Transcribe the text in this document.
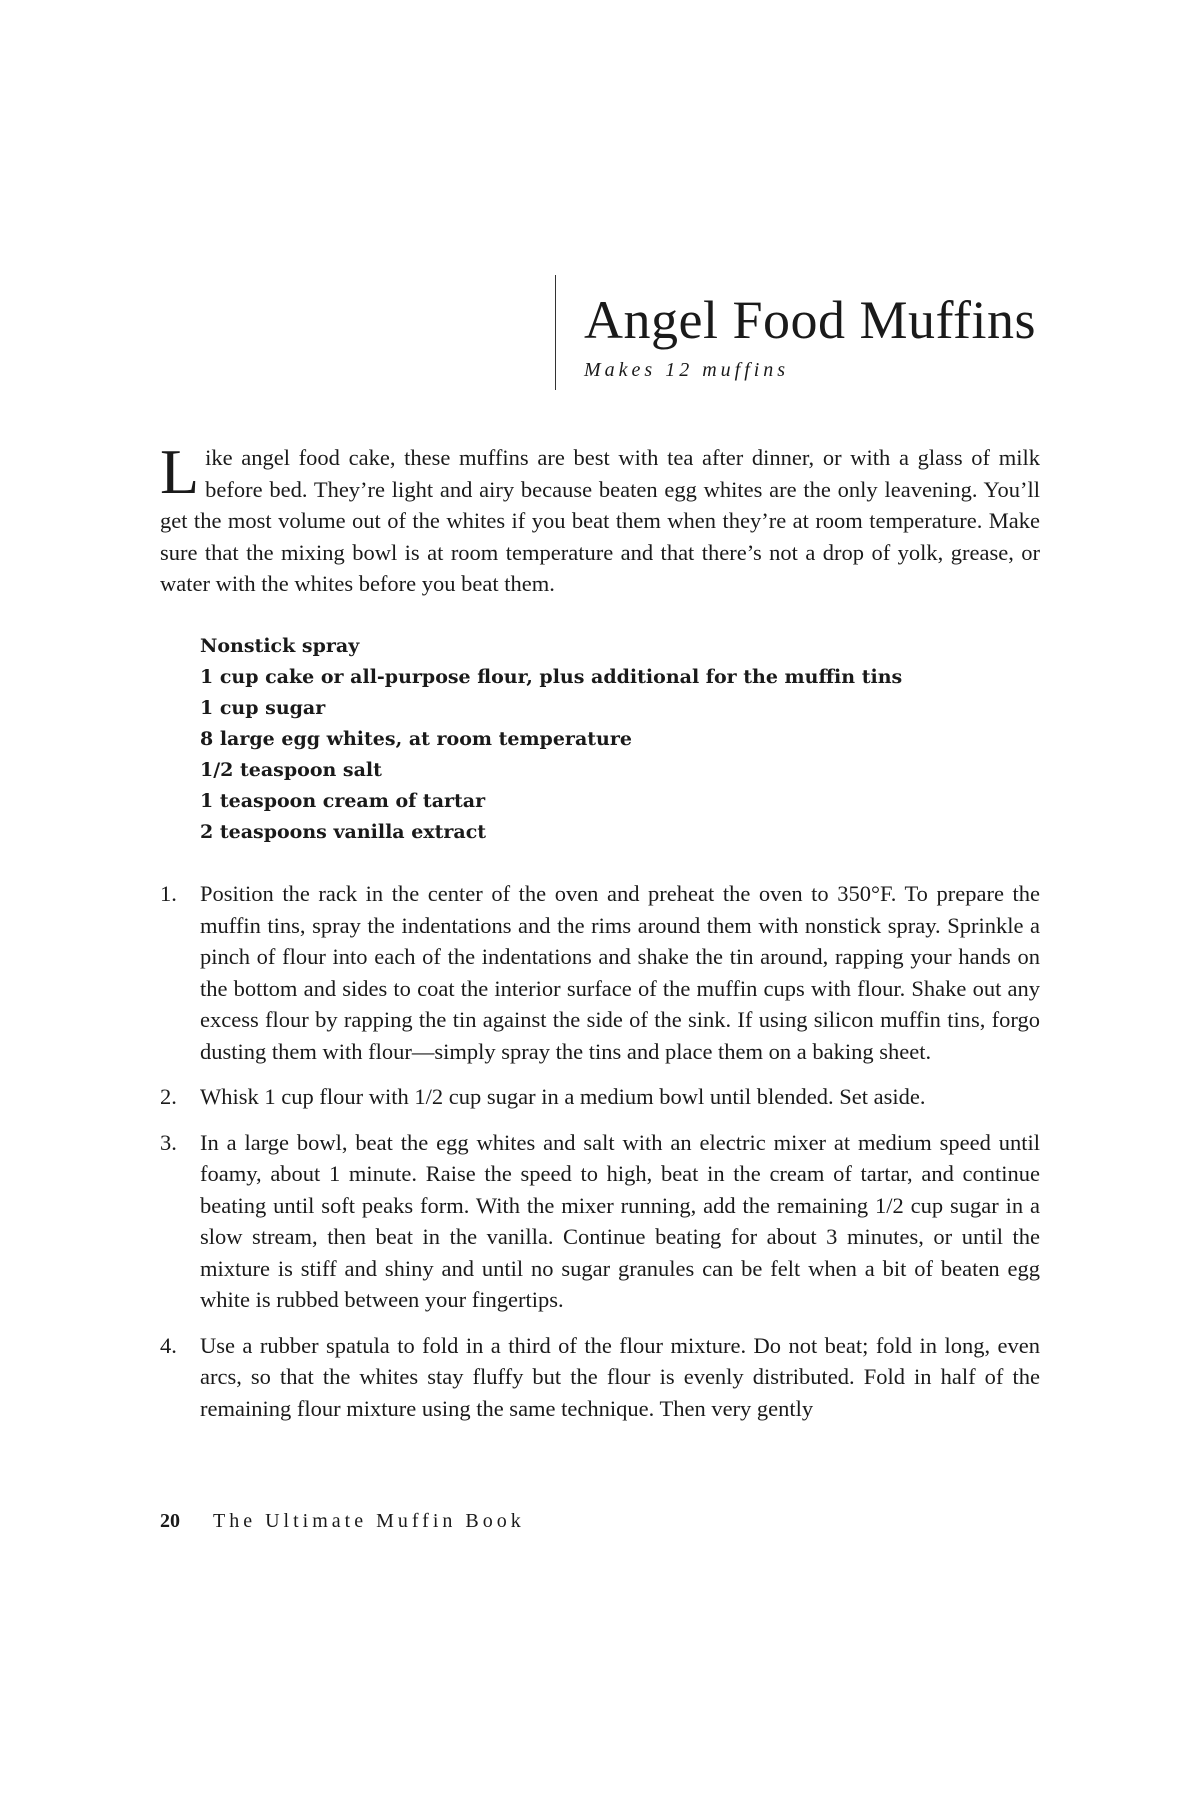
Angel Food Muffins
Makes 12 muffins

Like angel food cake, these muffins are best with tea after dinner, or with a glass of milk before bed. They’re light and airy because beaten egg whites are the only leavening. You’ll get the most volume out of the whites if you beat them when they’re at room temperature. Make sure that the mixing bowl is at room temperature and that there’s not a drop of yolk, grease, or water with the whites before you beat them.

Nonstick spray
1 cup cake or all-purpose flour, plus additional for the muffin tins
1 cup sugar
8 large egg whites, at room temperature
1/2 teaspoon salt
1 teaspoon cream of tartar
2 teaspoons vanilla extract
1. Position the rack in the center of the oven and preheat the oven to 350°F. To prepare the muffin tins, spray the indentations and the rims around them with nonstick spray. Sprinkle a pinch of flour into each of the indentations and shake the tin around, rapping your hands on the bottom and sides to coat the interior surface of the muffin cups with flour. Shake out any excess flour by rapping the tin against the side of the sink. If using silicon muffin tins, forgo dusting them with flour—simply spray the tins and place them on a baking sheet.
2. Whisk 1 cup flour with 1/2 cup sugar in a medium bowl until blended. Set aside.
3. In a large bowl, beat the egg whites and salt with an electric mixer at medium speed until foamy, about 1 minute. Raise the speed to high, beat in the cream of tartar, and continue beating until soft peaks form. With the mixer running, add the remaining 1/2 cup sugar in a slow stream, then beat in the vanilla. Continue beating for about 3 minutes, or until the mixture is stiff and shiny and until no sugar granules can be felt when a bit of beaten egg white is rubbed between your fingertips.
4. Use a rubber spatula to fold in a third of the flour mixture. Do not beat; fold in long, even arcs, so that the whites stay fluffy but the flour is evenly distributed. Fold in half of the remaining flour mixture using the same technique. Then very gently
20 The Ultimate Muffin Book
